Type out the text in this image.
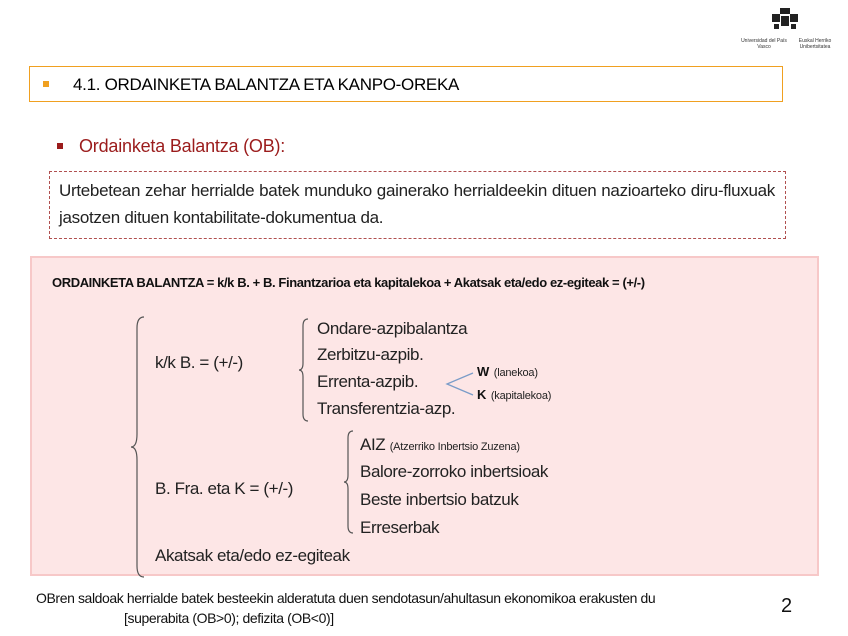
Universidad del País Vasco
Euskal Herriko Unibertsitatea
4.1. ORDAINKETA BALANTZA ETA KANPO-OREKA
Ordainketa Balantza (OB):
Urtebetean zehar herrialde batek munduko gainerako herrialdeekin dituen nazioarteko diru-fluxuak jasotzen dituen kontabilitate-dokumentua da.
ORDAINKETA BALANTZA = k/k B. + B. Finantzarioa eta kapitalekoa + Akatsak eta/edo ez-egiteak = (+/-)
k/k B. = (+/-)
Ondare-azpibalantza
Zerbitzu-azpib.
Errenta-azpib.
Transferentzia-azp.
W (lanekoa)
K (kapitalekoa)
B. Fra. eta K = (+/-)
AIZ (Atzerriko Inbertsio Zuzena)
Balore-zorroko inbertsioak
Beste inbertsio batzuk
Erreserbak
Akatsak eta/edo ez-egiteak
OBren saldoak herrialde batek besteekin alderatuta duen sendotasun/ahultasun ekonomikoa erakusten du
[superabita (OB>0); defizita (OB<0)]
2
